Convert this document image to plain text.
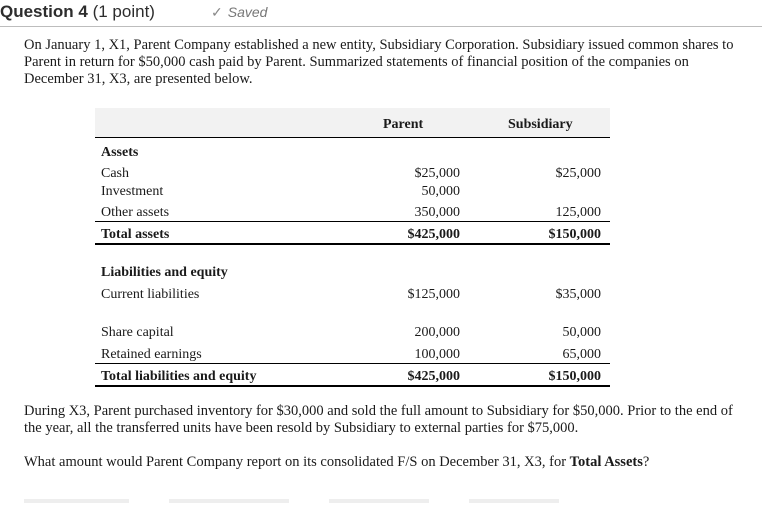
Question 4 (1 point)	✓ Saved
On January 1, X1, Parent Company established a new entity, Subsidiary Corporation. Subsidiary issued common shares to Parent in return for $50,000 cash paid by Parent. Summarized statements of financial position of the companies on December 31, X3, are presented below.
Parent	Subsidiary
Assets
Cash	$25,000	$25,000
Investment	50,000
Other assets	350,000	125,000
Total assets	$425,000	$150,000
Liabilities and equity
Current liabilities	$125,000	$35,000
Share capital	200,000	50,000
Retained earnings	100,000	65,000
Total liabilities and equity	$425,000	$150,000
During X3, Parent purchased inventory for $30,000 and sold the full amount to Subsidiary for $50,000. Prior to the end of the year, all the transferred units have been resold by Subsidiary to external parties for $75,000.
What amount would Parent Company report on its consolidated F/S on December 31, X3, for Total Assets?
